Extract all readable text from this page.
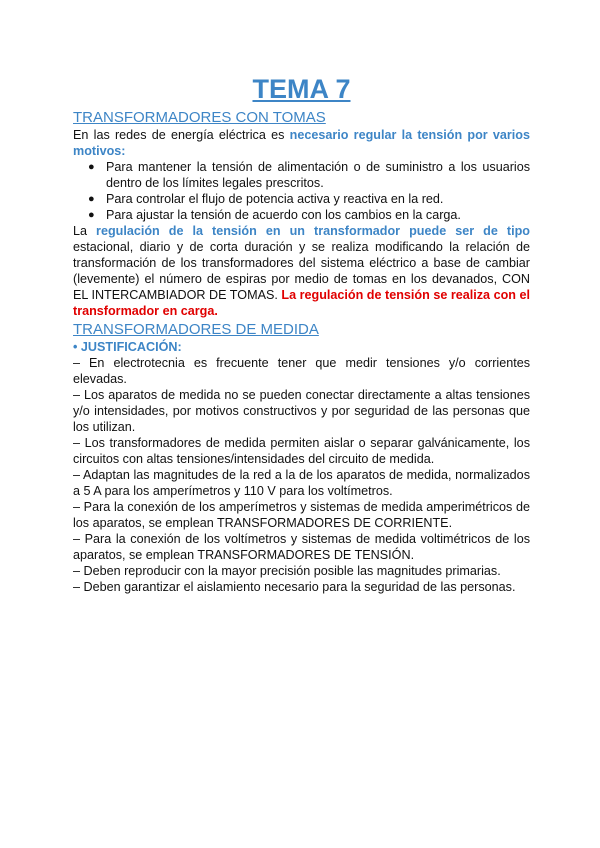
TEMA 7
TRANSFORMADORES CON TOMAS

En las redes de energía eléctrica es necesario regular la tensión por varios motivos:

● Para mantener la tensión de alimentación o de suministro a los usuarios dentro de los límites legales prescritos.
● Para controlar el flujo de potencia activa y reactiva en la red.
● Para ajustar la tensión de acuerdo con los cambios en la carga.

La regulación de la tensión en un transformador puede ser de tipo estacional, diario y de corta duración y se realiza modificando la relación de transformación de los transformadores del sistema eléctrico a base de cambiar (levemente) el número de espiras por medio de tomas en los devanados, CON EL INTERCAMBIADOR DE TOMAS. La regulación de tensión se realiza con el transformador en carga.

TRANSFORMADORES DE MEDIDA
• JUSTIFICACIÓN:

– En electrotecnia es frecuente tener que medir tensiones y/o corrientes elevadas.

– Los aparatos de medida no se pueden conectar directamente a altas tensiones y/o intensidades, por motivos constructivos y por seguridad de las personas que los utilizan.

– Los transformadores de medida permiten aislar o separar galvánicamente, los circuitos con altas tensiones/intensidades del circuito de medida.

– Adaptan las magnitudes de la red a la de los aparatos de medida, normalizados a 5 A para los amperímetros y 110 V para los voltímetros.

– Para la conexión de los amperímetros y sistemas de medida amperimétricos de los aparatos, se emplean TRANSFORMADORES DE CORRIENTE.

– Para la conexión de los voltímetros y sistemas de medida voltimétricos de los aparatos, se emplean TRANSFORMADORES DE TENSIÓN.

– Deben reproducir con la mayor precisión posible las magnitudes primarias.

– Deben garantizar el aislamiento necesario para la seguridad de las personas.
